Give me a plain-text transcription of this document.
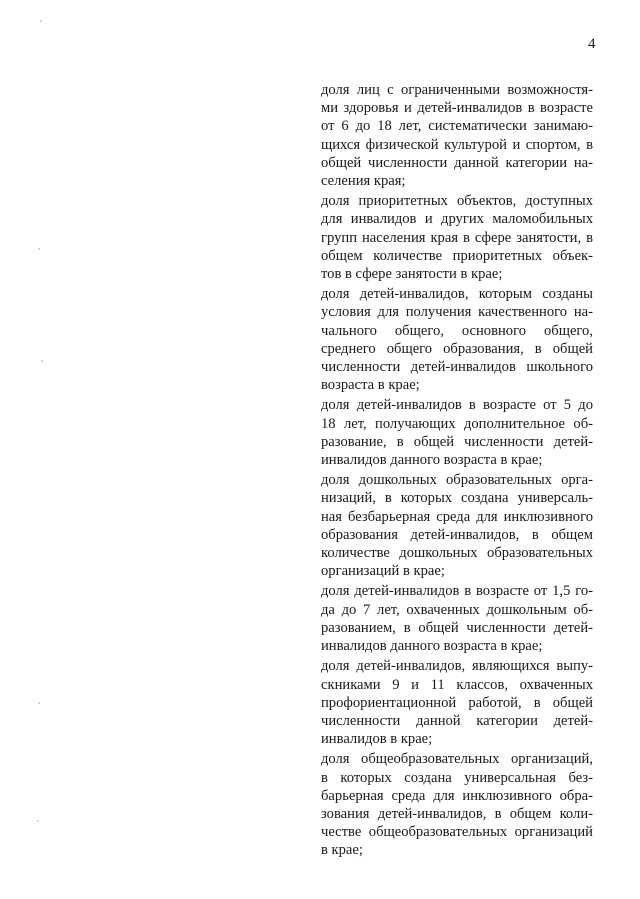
4

доля лиц с ограниченными возможностя-
ми здоровья и детей-инвалидов в возрасте
от 6 до 18 лет, систематически занимаю-
щихся физической культурой и спортом, в
общей численности данной категории на-
селения края;

доля приоритетных объектов, доступных
для инвалидов и других маломобильных
групп населения края в сфере занятости, в
общем количестве приоритетных объек-
тов в сфере занятости в крае;

доля детей-инвалидов, которым созданы
условия для получения качественного на-
чального общего, основного общего,
среднего общего образования, в общей
численности детей-инвалидов школьного
возраста в крае;

доля детей-инвалидов в возрасте от 5 до
18 лет, получающих дополнительное об-
разование, в общей численности детей-
инвалидов данного возраста в крае;

доля дошкольных образовательных орга-
низаций, в которых создана универсаль-
ная безбарьерная среда для инклюзивного
образования детей-инвалидов, в общем
количестве дошкольных образовательных
организаций в крае;

доля детей-инвалидов в возрасте от 1,5 го-
да до 7 лет, охваченных дошкольным об-
разованием, в общей численности детей-
инвалидов данного возраста в крае;

доля детей-инвалидов, являющихся выпу-
скниками 9 и 11 классов, охваченных
профориентационной работой, в общей
численности данной категории детей-
инвалидов в крае;

доля общеобразовательных организаций,
в которых создана универсальная без-
барьерная среда для инклюзивного обра-
зования детей-инвалидов, в общем коли-
честве общеобразовательных организаций
в крае;
